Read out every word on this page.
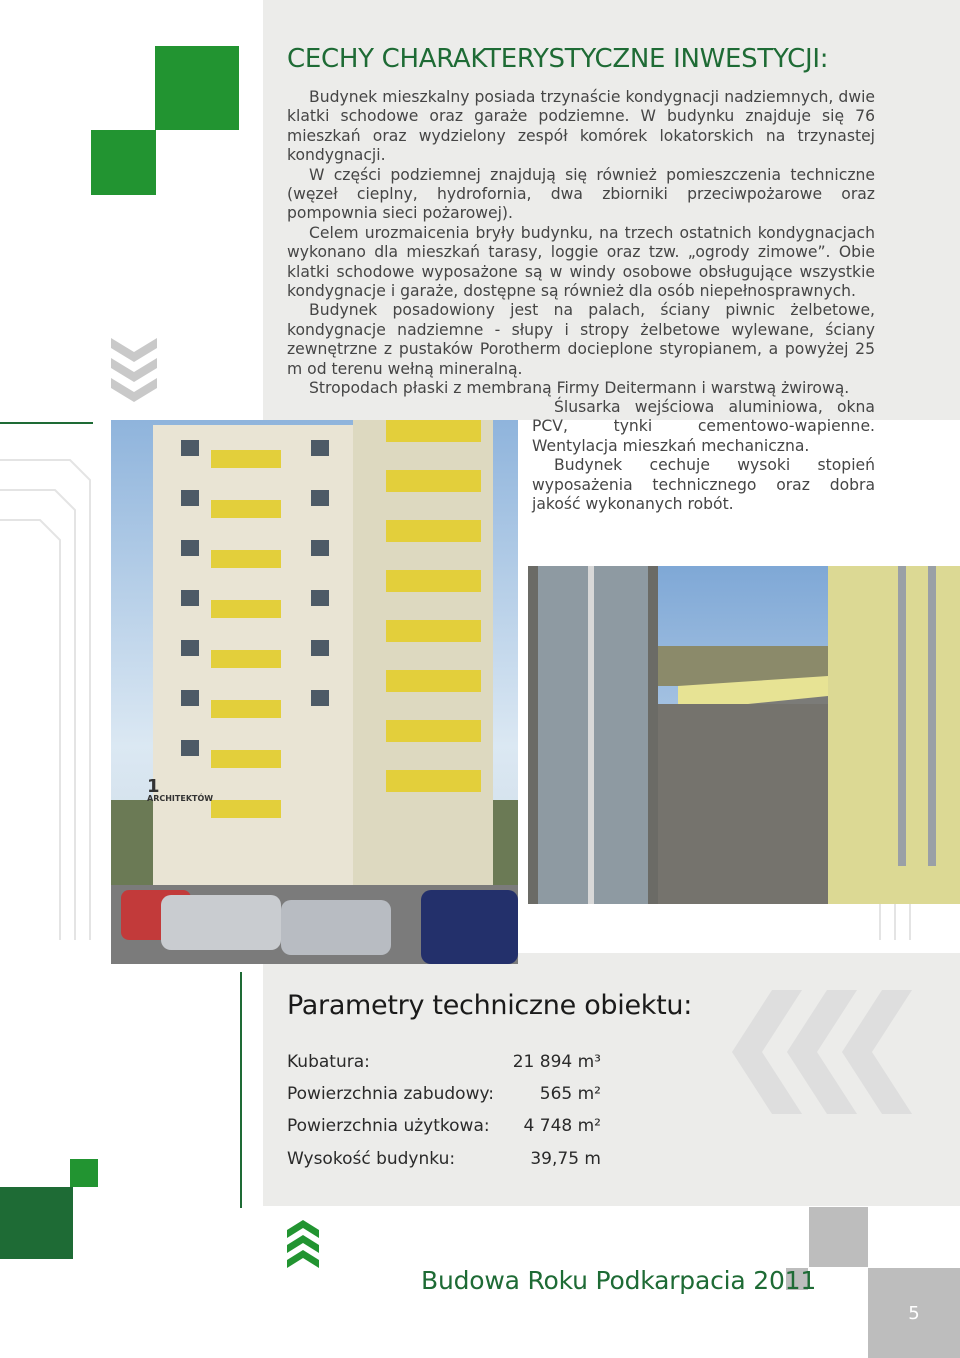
CECHY CHARAKTERYSTYCZNE INWESTYCJI:

Budynek mieszkalny posiada trzynaście kondygnacji nadziemnych, dwie klatki schodowe oraz garaże podziemne. W budynku znajduje się 76 mieszkań oraz wydzielony zespół komórek lokatorskich na trzynastej kondygnacji.

W części podziemnej znajdują się również pomieszczenia techniczne (węzeł cieplny, hydrofornia, dwa zbiorniki przeciwpożarowe oraz pompownia sieci pożarowej).

Celem urozmaicenia bryły budynku, na trzech ostatnich kondygnacjach wykonano dla mieszkań tarasy, loggie oraz tzw. „ogrody zimowe”. Obie klatki schodowe wyposażone są w windy osobowe obsługujące wszystkie kondygnacje i garaże, dostępne są również dla osób niepełnosprawnych.

Budynek posadowiony jest na palach, ściany piwnic żelbetowe, kondygnacje nadziemne - słupy i stropy żelbetowe wylewane, ściany zewnętrzne z pustaków Porotherm docieplone styropianem, a powyżej 25 m od terenu wełną mineralną.

Stropodach płaski z membraną Firmy Deitermann i warstwą żwirową.

Ślusarka wejściowa aluminiowa, okna PCV, tynki cementowo-wapienne. Wentylacja mieszkań mechaniczna.

Budynek cechuje wysoki stopień wyposażenia technicznego oraz dobra jakość wykonanych robót.

1
ARCHITEKTÓW
Parametry techniczne obiektu:
Kubatura:	21 894 m³
Powierzchnia zabudowy:	565 m²
Powierzchnia użytkowa: 4 748 m²
Wysokość budynku:	39,75 m
Budowa Roku Podkarpacia 2011
5
